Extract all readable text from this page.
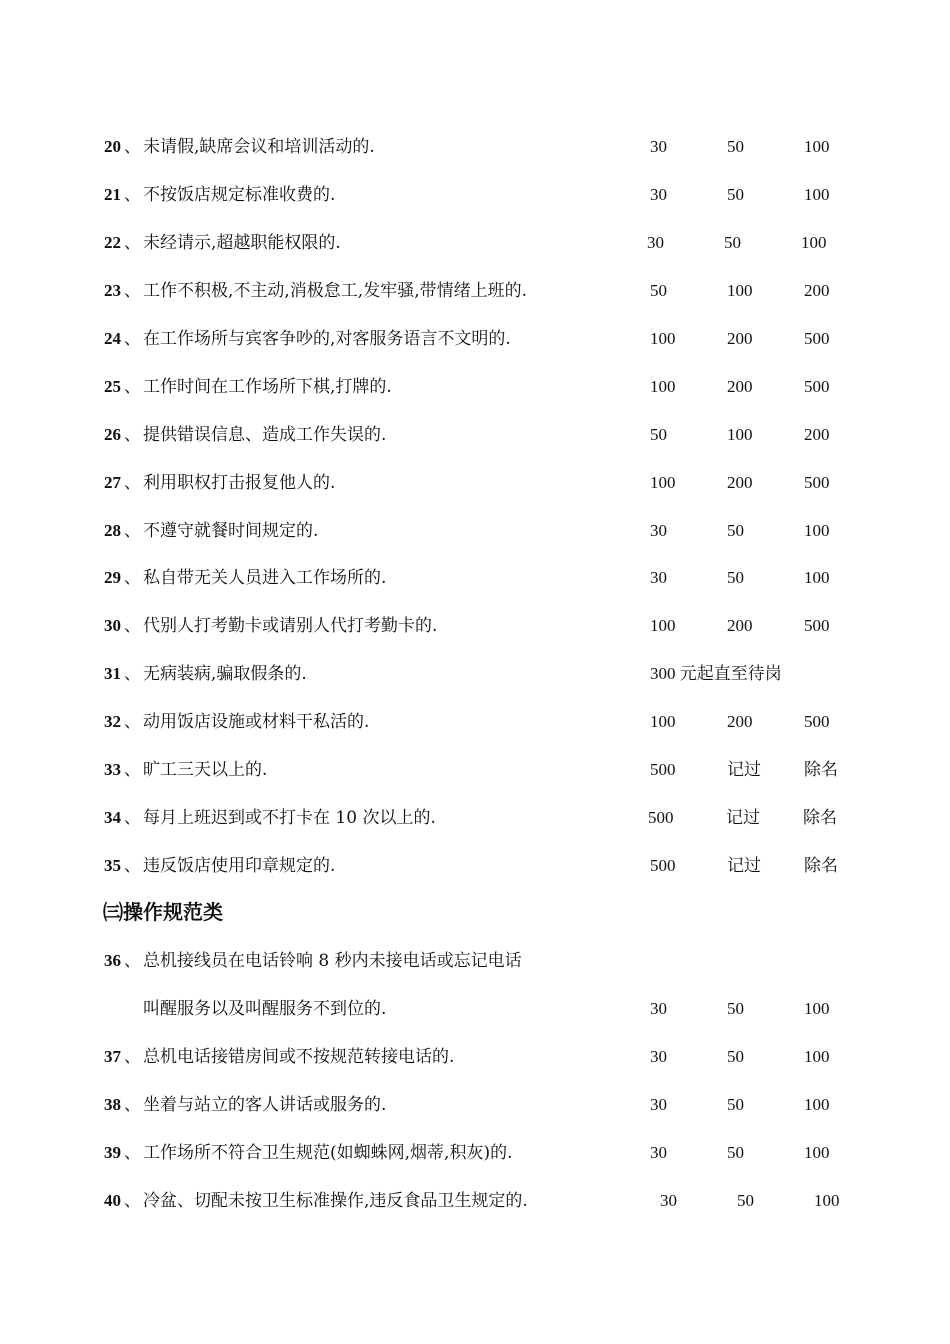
20 、 未请假,缺席会议和培训活动的.	30	50	100
21 、 不按饭店规定标准收费的.	30	50	100
22 、 未经请示,超越职能权限的.	30	50	100
23 、 工作不积极,不主动,消极怠工,发牢骚,带情绪上班的.	50	100	200
24 、 在工作场所与宾客争吵的,对客服务语言不文明的.	100	200	500
25 、 工作时间在工作场所下棋,打牌的.	100	200	500
26 、 提供错误信息、造成工作失误的.	50	100	200
27 、 利用职权打击报复他人的.	100	200	500
28 、 不遵守就餐时间规定的.	30	50	100
29 、 私自带无关人员进入工作场所的.	30	50	100
30 、 代别人打考勤卡或请别人代打考勤卡的.	100	200	500
31 、 无病装病,骗取假条的.	300 元起直至待岗
32 、 动用饭店设施或材料干私活的.	100	200	500
33 、 旷工三天以上的.	500	记过	除名
34 、 每月上班迟到或不打卡在 10 次以上的.	500	记过	除名
35 、 违反饭店使用印章规定的.	500	记过	除名
㈢操作规范类
36 、 总机接线员在电话铃响 8 秒内未接电话或忘记电话
叫醒服务以及叫醒服务不到位的.	30	50	100
37 、 总机电话接错房间或不按规范转接电话的.	30	50	100
38 、 坐着与站立的客人讲话或服务的.	30	50	100
39 、 工作场所不符合卫生规范(如蜘蛛网,烟蒂,积灰)的.	30	50	100
40 、 冷盆、切配未按卫生标准操作,违反食品卫生规定的.	30	50	100
